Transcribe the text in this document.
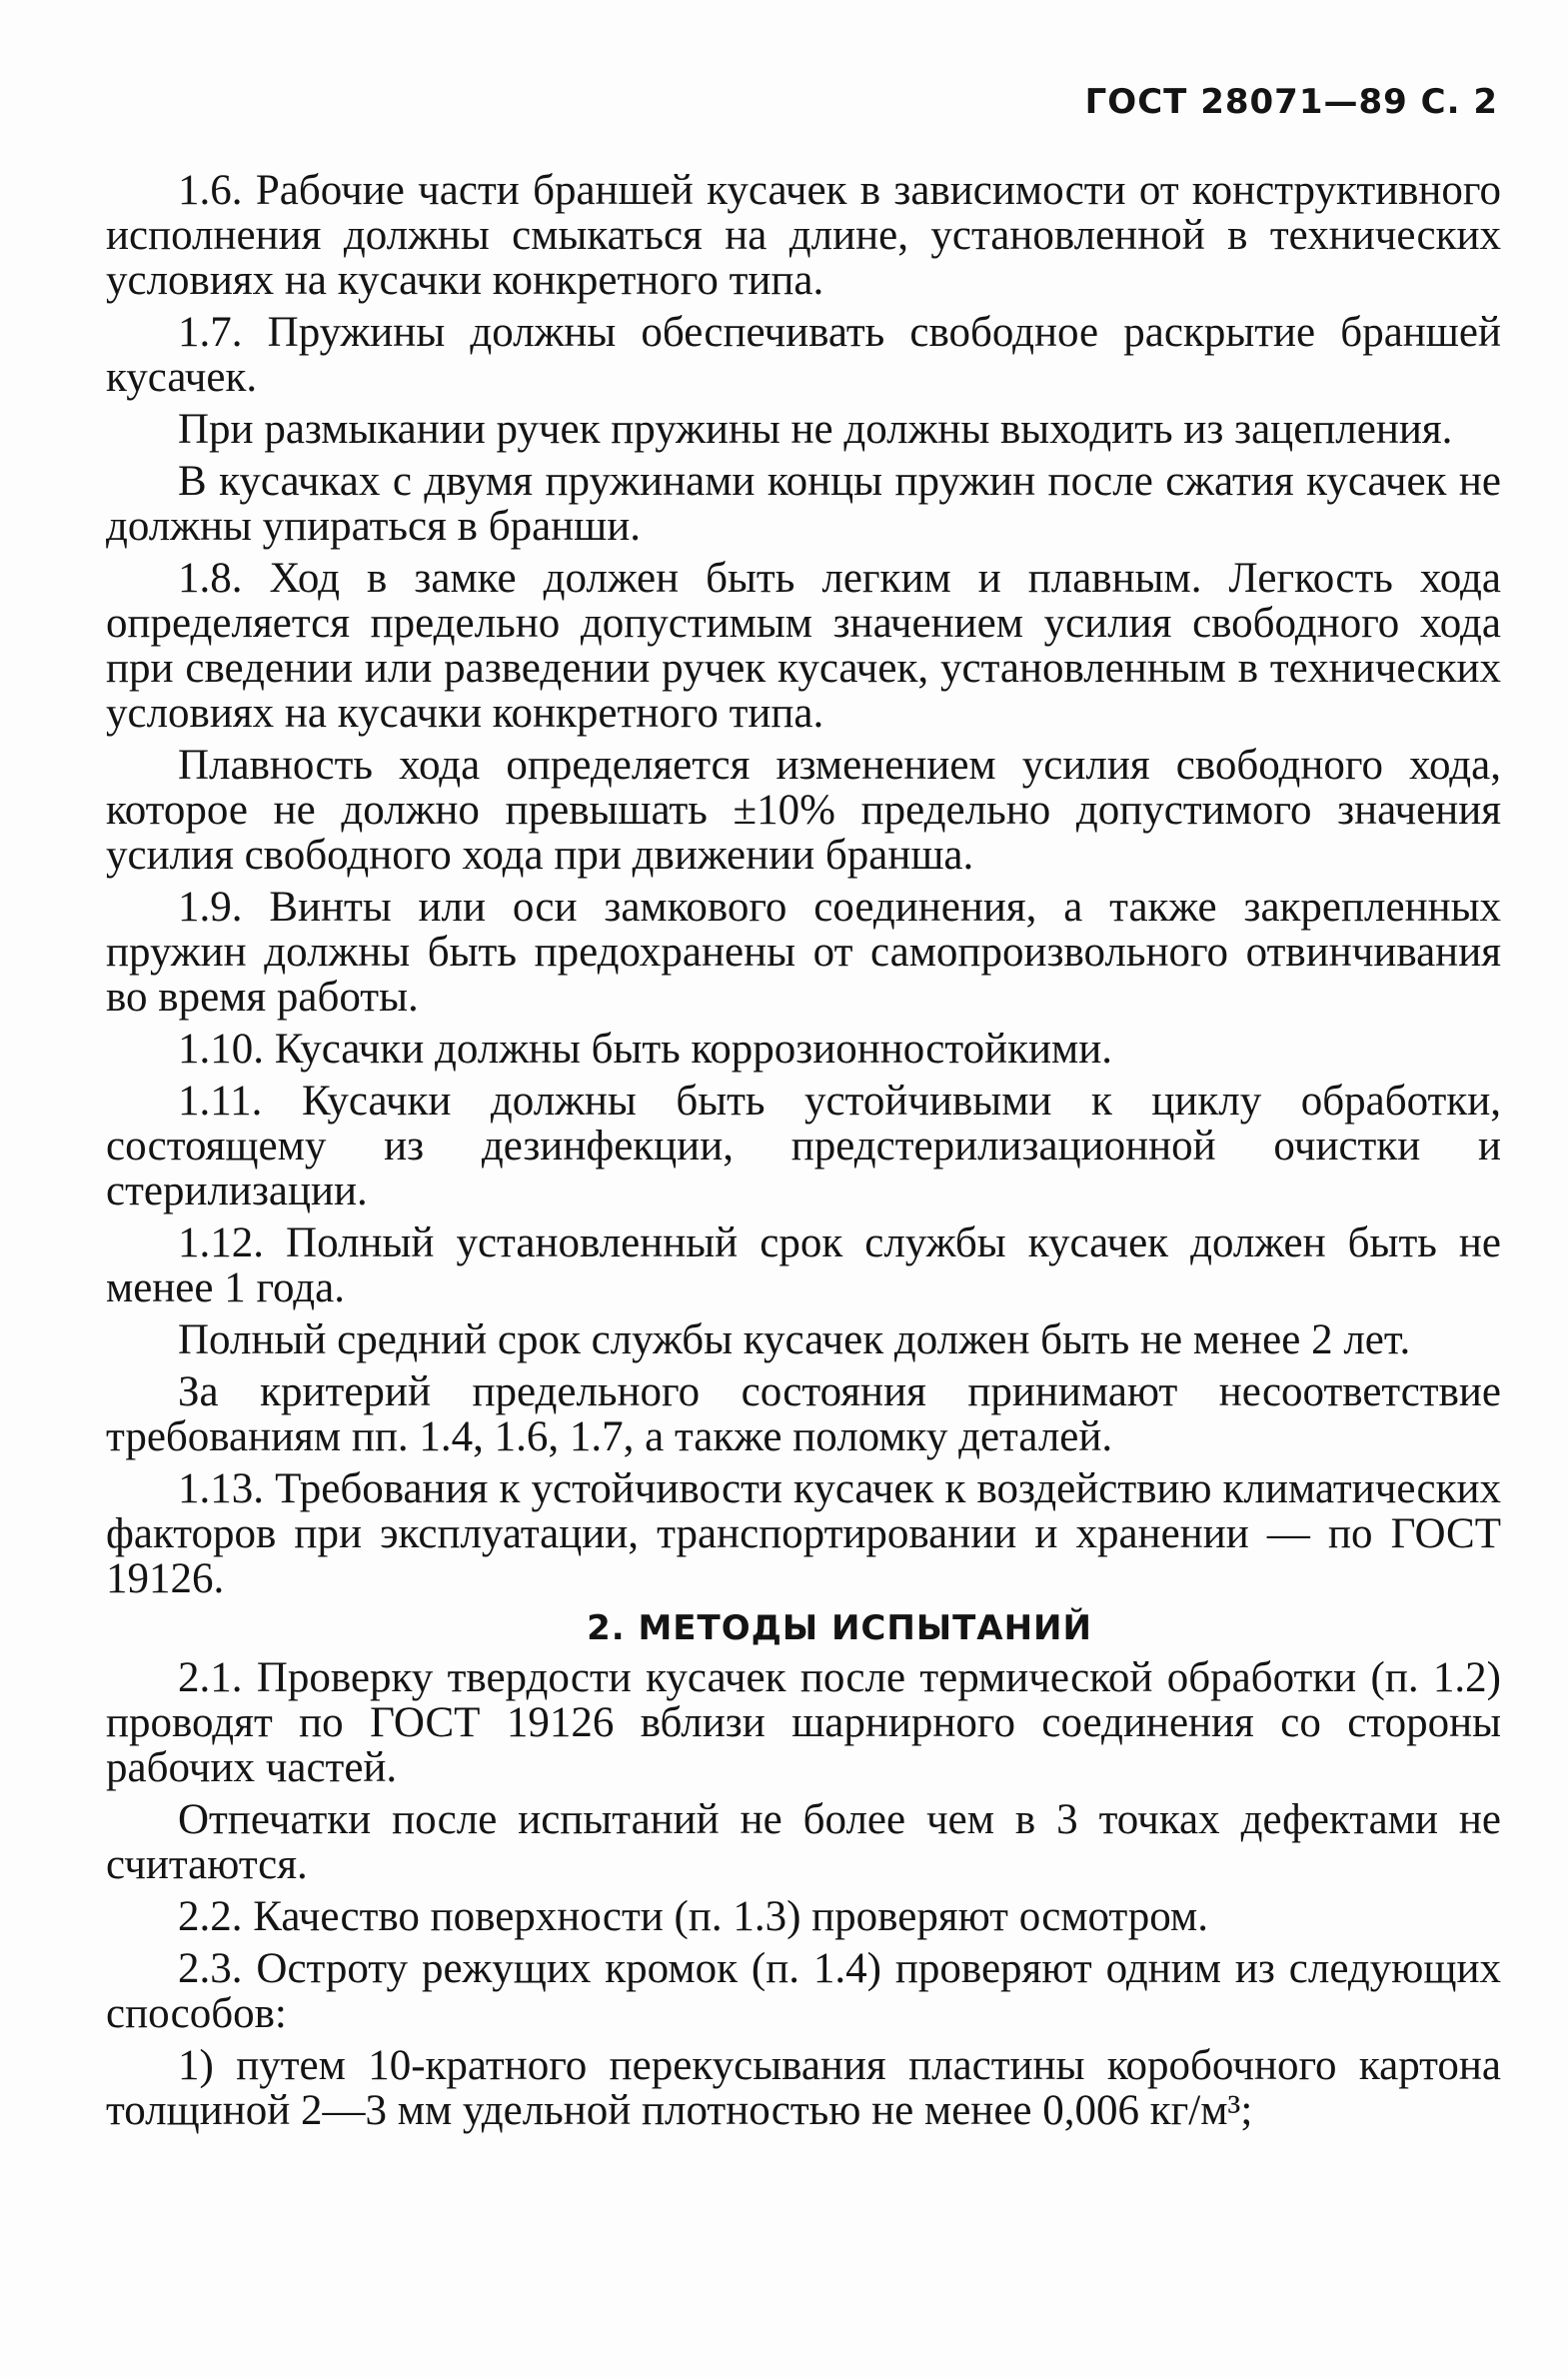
ГОСТ 28071—89 С. 2

1.6. Рабочие части браншей кусачек в зависимости от конструктивного исполнения должны смыкаться на длине, установленной в технических условиях на кусачки конкретного типа.

1.7. Пружины должны обеспечивать свободное раскрытие браншей кусачек.

При размыкании ручек пружины не должны выходить из зацепления.

В кусачках с двумя пружинами концы пружин после сжатия кусачек не должны упираться в бранши.

1.8. Ход в замке должен быть легким и плавным. Легкость хода определяется предельно допустимым значением усилия свободного хода при сведении или разведении ручек кусачек, установленным в технических условиях на кусачки конкретного типа.

Плавность хода определяется изменением усилия свободного хода, которое не должно превышать ±10% предельно допустимого значения усилия свободного хода при движении бранша.

1.9. Винты или оси замкового соединения, а также закрепленных пружин должны быть предохранены от самопроизвольного отвинчивания во время работы.

1.10. Кусачки должны быть коррозионностойкими.

1.11. Кусачки должны быть устойчивыми к циклу обработки, состоящему из дезинфекции, предстерилизационной очистки и стерилизации.

1.12. Полный установленный срок службы кусачек должен быть не менее 1 года.

Полный средний срок службы кусачек должен быть не менее 2 лет.

За критерий предельного состояния принимают несоответствие требованиям пп. 1.4, 1.6, 1.7, а также поломку деталей.

1.13. Требования к устойчивости кусачек к воздействию климатических факторов при эксплуатации, транспортировании и хранении — по ГОСТ 19126.

2. МЕТОДЫ ИСПЫТАНИЙ

2.1. Проверку твердости кусачек после термической обработки (п. 1.2) проводят по ГОСТ 19126 вблизи шарнирного соединения со стороны рабочих частей.

Отпечатки после испытаний не более чем в 3 точках дефектами не считаются.

2.2. Качество поверхности (п. 1.3) проверяют осмотром.

2.3. Остроту режущих кромок (п. 1.4) проверяют одним из следующих способов:

1) путем 10-кратного перекусывания пластины коробочного картона толщиной 2—3 мм удельной плотностью не менее 0,006 кг/м³;
